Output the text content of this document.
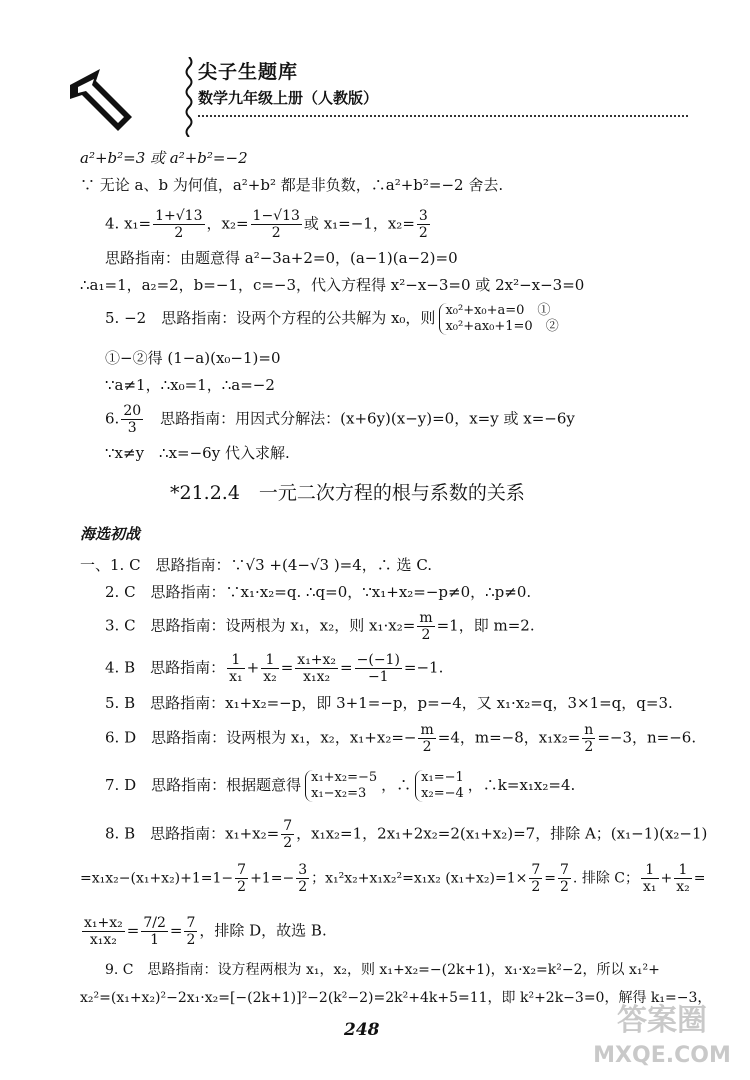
尖子生题库
数学九年级上册（人教版）
a²+b²=3 或 a²+b²=−2
∵ 无论 a、b 为何值，a²+b² 都是非负数，∴a²+b²=−2 舍去.
4. $x_1= \frac{1+√13}{2}$ ，$x_2= \frac{1-√13}{2}$ 或 x₁=−1，$x_2= \frac{3}{2}$
思路指南：由题意得 a²−3a+2=0，(a−1)(a−2)=0
∴a₁=1，a₂=2，b=−1，c=−3，代入方程得 x²−x−3=0 或 2x²−x−3=0
5. −2　思路指南：设两个方程的公共解为 x₀，则 x₀²+x₀+a=0　①
x₀²+ax₀+1=0　②
①−②得 (1−a)(x₀−1)=0
∵a≠1，∴x₀=1，∴a=−2
6. $\frac{20}{3}$ 　思路指南：用因式分解法：(x+6y)(x−y)=0，x=y 或 x=−6y
∵x≠y　∴x=−6y 代入求解.
*21.2.4　一元二次方程的根与系数的关系
海选初战
一、1. C　思路指南：∵√3 +(4−√3 )=4，∴ 选 C.
2. C　思路指南：∵x₁·x₂=q. ∴q=0，∵x₁+x₂=−p≠0，∴p≠0.
3. C　思路指南：设两根为 x₁，x₂，则 $x_1\cdot x_2= \frac{m}{2} =1$，即 m=2.
4. B　思路指南： $\frac{1}{\text{x₁}} + \frac{1}{\text{x₂}} = \frac{\text{x₁+x₂}}{\text{x₁x₂}} = \frac{-(-1)}{-1} =-1$.
5. B　思路指南：x₁+x₂=−p，即 3+1=−p，p=−4，又 x₁·x₂=q，3×1=q，q=3.
6. D　思路指南：设两根为 x₁，x₂，$x_1+x_2=- \frac{m}{2} =4$，m=−8，$x_1x_2= \frac{n}{2} =-3$，n=−6.
7. D　思路指南：根据题意得 x₁+x₂=−5
x₁−x₂=3 ，∴ x₁=−1
x₂=−4 ，∴k=x₁x₂=4.
8. B　思路指南：$x_1+x_2= \frac{7}{2}$ ，x₁x₂=1，2x₁+2x₂=2(x₁+x₂)=7，排除 A；(x₁−1)(x₂−1)
$=x_1x_2-(x_1+x_2)+1=1- \frac{7}{2} +1=- \frac{3}{2}$ ；x₁²x₂+x₁x₂²=x₁x₂ $(x_1+x_2)=1\times \frac{7}{2} = \frac{7}{2}$ . 排除 C； $\frac{1}{\text{x₁}} + \frac{1}{\text{x₂}}$ =
$\frac{\text{x₁+x₂}}{\text{x₁x₂}} = \frac{7/2}{1} = \frac{7}{2}$ ，排除 D，故选 B.
9. C　思路指南：设方程两根为 x₁，x₂，则 x₁+x₂=−(2k+1)，x₁·x₂=k²−2，所以 x₁²+
x₂²=(x₁+x₂)²−2x₁·x₂=[−(2k+1)]²−2(k²−2)=2k²+4k+5=11，即 k²+2k−3=0，解得 k₁=−3，
248	答案圈
MXQE.COM
